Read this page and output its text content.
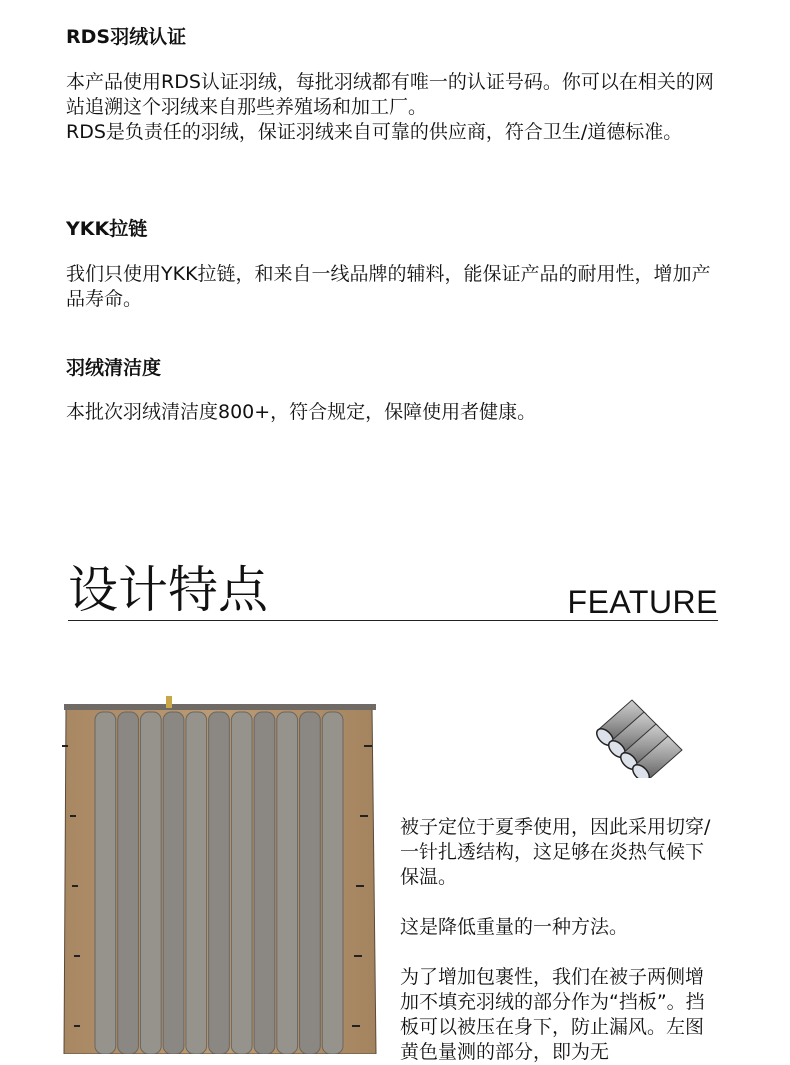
RDS羽绒认证

本产品使用RDS认证羽绒，每批羽绒都有唯一的认证号码。你可以在相关的网站追溯这个羽绒来自那些养殖场和加工厂。

RDS是负责任的羽绒，保证羽绒来自可靠的供应商，符合卫生/道德标准。

YKK拉链

我们只使用YKK拉链，和来自一线品牌的辅料，能保证产品的耐用性，增加产品寿命。

羽绒清洁度

本批次羽绒清洁度800+，符合规定，保障使用者健康。

设计特点	FEATURE

被子定位于夏季使用，因此采用切穿/一针扎透结构，这足够在炎热气候下保温。

这是降低重量的一种方法。

为了增加包裹性，我们在被子两侧增加不填充羽绒的部分作为“挡板”。挡板可以被压在身下，防止漏风。左图黄色量测的部分，即为无
